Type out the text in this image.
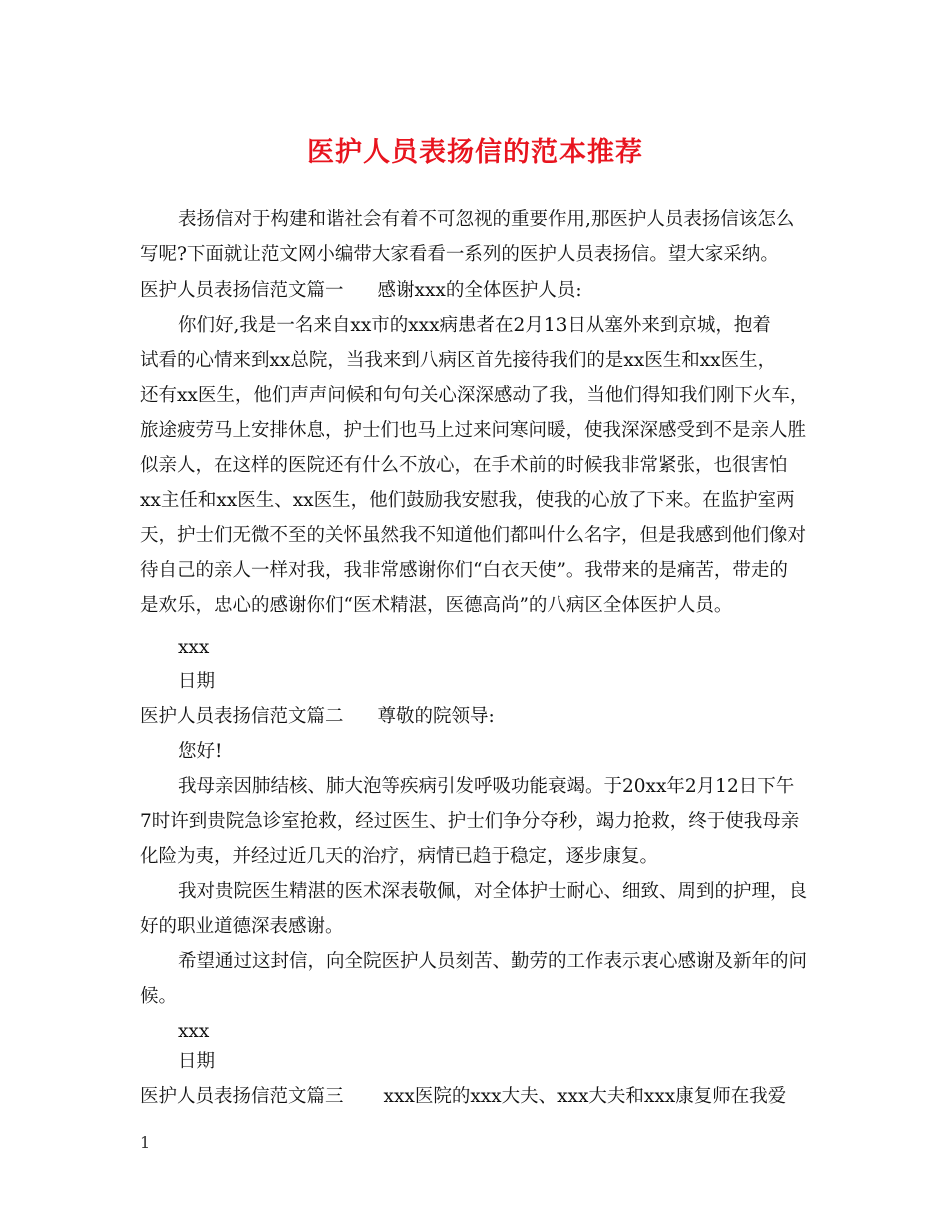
医护人员表扬信的范本推荐
表扬信对于构建和谐社会有着不可忽视的重要作用,那医护人员表扬信该怎么
写呢?下面就让范文网小编带大家看看一系列的医护人员表扬信。望大家采纳。
医护人员表扬信范文篇一 感谢xxx的全体医护人员:
你们好,我是一名来自xx市的xxx病患者在2月13日从塞外来到京城，抱着
试看的心情来到xx总院，当我来到八病区首先接待我们的是xx医生和xx医生，
还有xx医生，他们声声问候和句句关心深深感动了我，当他们得知我们刚下火车，
旅途疲劳马上安排休息，护士们也马上过来问寒问暖，使我深深感受到不是亲人胜
似亲人，在这样的医院还有什么不放心，在手术前的时候我非常紧张，也很害怕
xx主任和xx医生、xx医生，他们鼓励我安慰我，使我的心放了下来。在监护室两
天，护士们无微不至的关怀虽然我不知道他们都叫什么名字，但是我感到他们像对
待自己的亲人一样对我，我非常感谢你们“白衣天使”。我带来的是痛苦，带走的
是欢乐，忠心的感谢你们“医术精湛，医德高尚”的八病区全体医护人员。
xxx
日期
医护人员表扬信范文篇二 尊敬的院领导:
您好!
我母亲因肺结核、肺大泡等疾病引发呼吸功能衰竭。于20xx年2月12日下午
7时许到贵院急诊室抢救，经过医生、护士们争分夺秒，竭力抢救，终于使我母亲
化险为夷，并经过近几天的治疗，病情已趋于稳定，逐步康复。
我对贵院医生精湛的医术深表敬佩，对全体护士耐心、细致、周到的护理，良
好的职业道德深表感谢。
希望通过这封信，向全院医护人员刻苦、勤劳的工作表示衷心感谢及新年的问
候。
xxx
日期
医护人员表扬信范文篇三 xxx医院的xxx大夫、xxx大夫和xxx康复师在我爱
1
